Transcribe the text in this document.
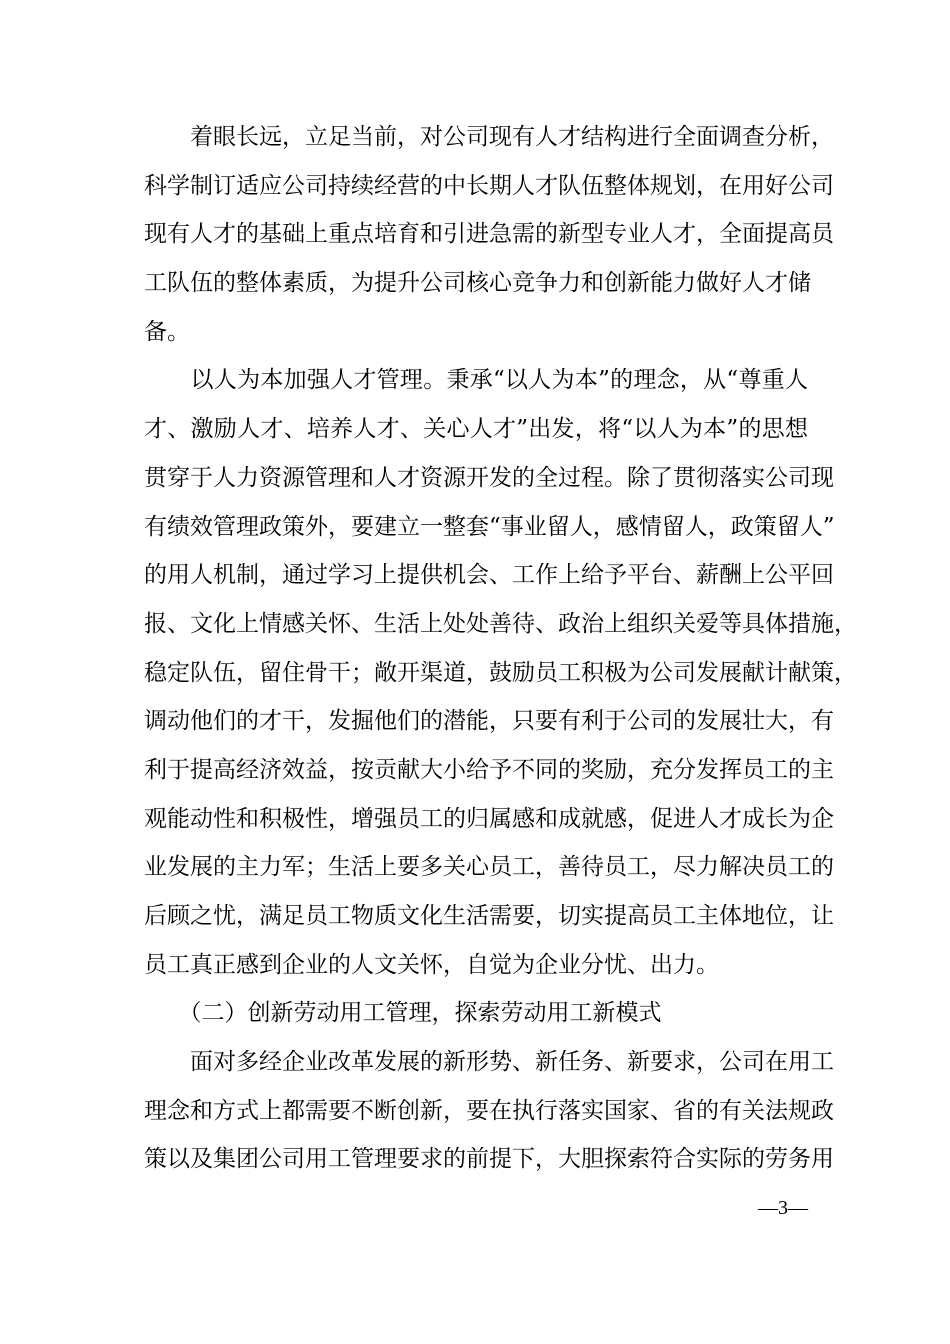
　　着眼长远，立足当前，对公司现有人才结构进行全面调查分析，
科学制订适应公司持续经营的中长期人才队伍整体规划，在用好公司
现有人才的基础上重点培育和引进急需的新型专业人才，全面提高员
工队伍的整体素质，为提升公司核心竞争力和创新能力做好人才储
备。
　　以人为本加强人才管理。秉承“以人为本”的理念，从“尊重人
才、激励人才、培养人才、关心人才”出发，将“以人为本”的思想
贯穿于人力资源管理和人才资源开发的全过程。除了贯彻落实公司现
有绩效管理政策外，要建立一整套“事业留人，感情留人，政策留人”
的用人机制，通过学习上提供机会、工作上给予平台、薪酬上公平回
报、文化上情感关怀、生活上处处善待、政治上组织关爱等具体措施，
稳定队伍，留住骨干；敞开渠道，鼓励员工积极为公司发展献计献策，
调动他们的才干，发掘他们的潜能，只要有利于公司的发展壮大，有
利于提高经济效益，按贡献大小给予不同的奖励，充分发挥员工的主
观能动性和积极性，增强员工的归属感和成就感，促进人才成长为企
业发展的主力军；生活上要多关心员工，善待员工，尽力解决员工的
后顾之忧，满足员工物质文化生活需要，切实提高员工主体地位，让
员工真正感到企业的人文关怀，自觉为企业分忧、出力。
　　（二）创新劳动用工管理，探索劳动用工新模式
　　面对多经企业改革发展的新形势、新任务、新要求，公司在用工
理念和方式上都需要不断创新，要在执行落实国家、省的有关法规政
策以及集团公司用工管理要求的前提下，大胆探索符合实际的劳务用
—3—
